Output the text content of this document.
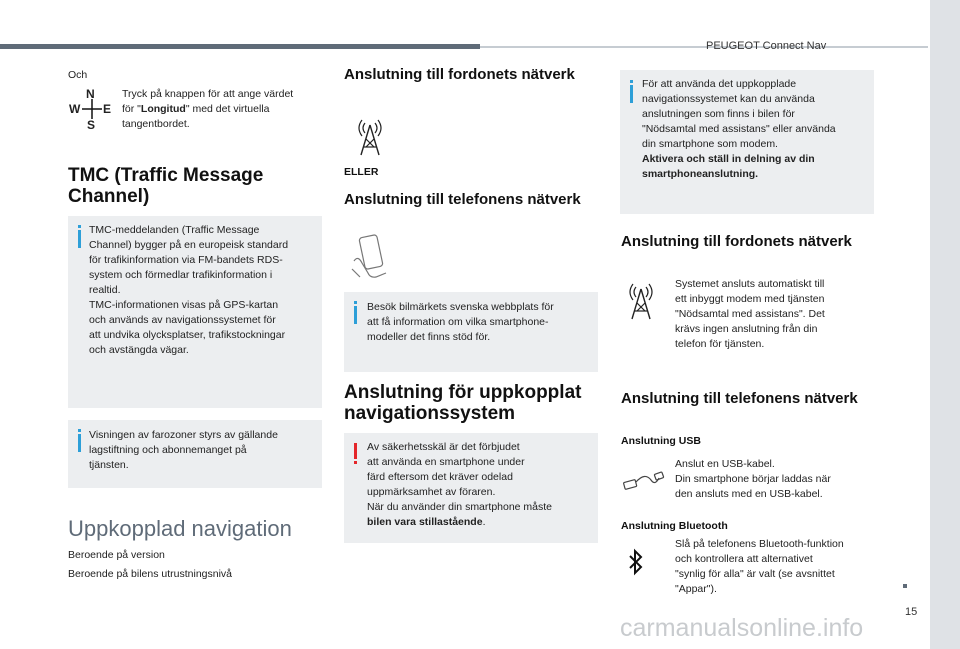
PEUGEOT Connect Nav
15
Och
N
W E
S
Tryck på knappen för att ange värdet
för "Longitud" med det virtuella
tangentbordet.
TMC (Traffic Message
Channel)
TMC-meddelanden (Traffic Message
Channel) bygger på en europeisk standard
för trafikinformation via FM-bandets RDS-
system och förmedlar trafikinformation i
realtid.
TMC-informationen visas på GPS-kartan
och används av navigationssystemet för
att undvika olycksplatser, trafikstockningar
och avstängda vägar.
Visningen av farozoner styrs av gällande
lagstiftning och abonnemanget på
tjänsten.
Uppkopplad navigation
Beroende på version
Beroende på bilens utrustningsnivå
Anslutning till fordonets nätverk
ELLER
Anslutning till telefonens nätverk
Besök bilmärkets svenska webbplats för
att få information om vilka smartphone-
modeller det finns stöd för.
Anslutning för uppkopplat
navigationssystem
Av säkerhetsskäl är det förbjudet
att använda en smartphone under
färd eftersom det kräver odelad
uppmärksamhet av föraren.
När du använder din smartphone måste
bilen vara stillastående.
För att använda det uppkopplade
navigationssystemet kan du använda
anslutningen som finns i bilen för
"Nödsamtal med assistans" eller använda
din smartphone som modem.
Aktivera och ställ in delning av din
smartphoneanslutning.
Anslutning till fordonets nätverk
Systemet ansluts automatiskt till
ett inbyggt modem med tjänsten
"Nödsamtal med assistans". Det
krävs ingen anslutning från din
telefon för tjänsten.
Anslutning till telefonens nätverk
Anslutning USB
Anslut en USB-kabel.
Din smartphone börjar laddas när
den ansluts med en USB-kabel.
Anslutning Bluetooth
Slå på telefonens Bluetooth-funktion
och kontrollera att alternativet
"synlig för alla" är valt (se avsnittet
"Appar").
carmanualsonline.info
